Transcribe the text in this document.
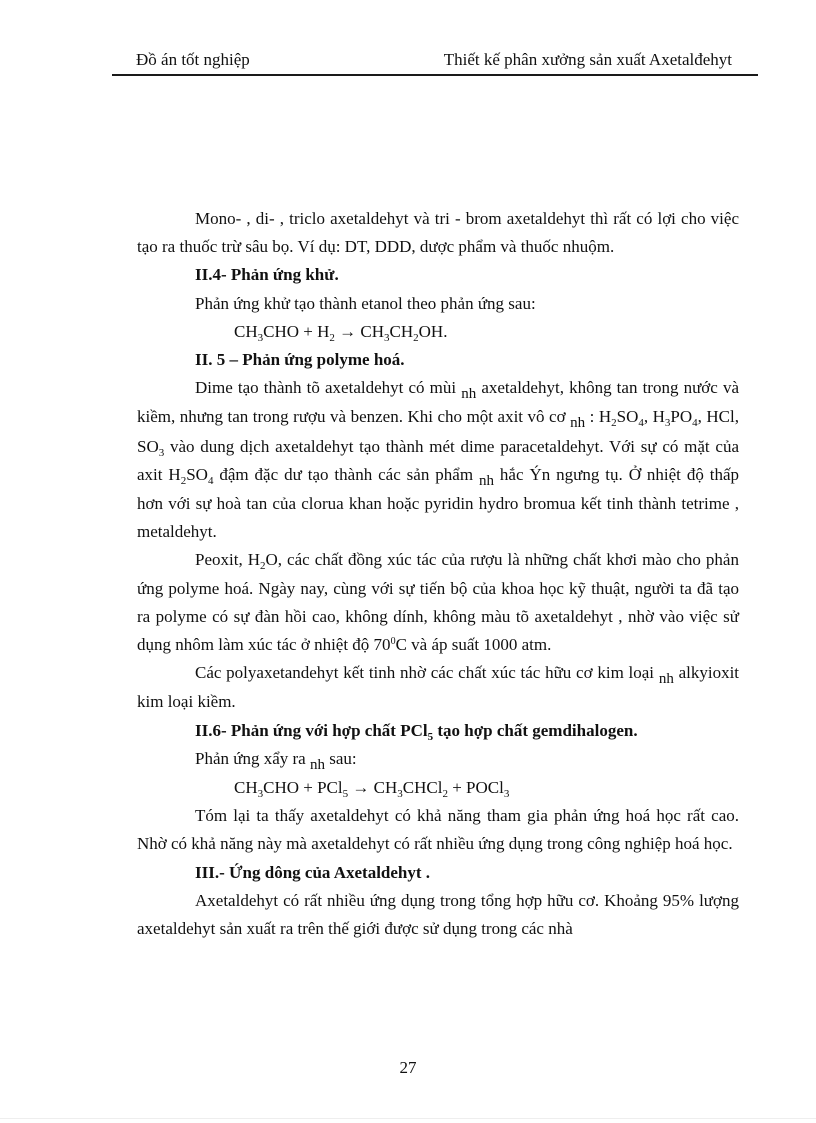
Đồ án tốt nghiệp	Thiết kế phân xưởng sản xuất Axetalđehyt

Mono- , di- , triclo axetaldehyt và tri - brom axetaldehyt thì rất có lợi cho việc tạo ra thuốc trừ sâu bọ. Ví dụ: DT, DDD, dược phẩm và thuốc nhuộm.

II.4- Phản ứng khử.

Phản ứng khử tạo thành etanol theo phản ứng sau:

$CH_3CHO + H_2 \to CH_3CH_2OH$.

II. 5 – Phản ứng polyme hoá.

Dime tạo thành tõ axetaldehyt có mùi nh axetaldehyt, không tan trong nước và kiềm, nhưng tan trong rượu và benzen. Khi cho một axit vô cơ nh : $H_2SO_4$, $H_3PO_4$, HCl, $SO_3$ vào dung dịch axetaldehyt tạo thành mét dime paracetaldehyt. Với sự có mặt của axit $H_2SO_4$ đậm đặc dư tạo thành các sản phẩm nh hắc Ýn ngưng tụ. Ở nhiệt độ thấp hơn với sự hoà tan của clorua khan hoặc pyridin hydro bromua kết tinh thành tetrime , metaldehyt.

Peoxit, $H_2O$, các chất đồng xúc tác của rượu là những chất khơi mào cho phản ứng polyme hoá. Ngày nay, cùng với sự tiến bộ của khoa học kỹ thuật, người ta đã tạo ra polyme có sự đàn hồi cao, không dính, không màu tõ axetaldehyt , nhờ vào việc sử dụng nhôm làm xúc tác ở nhiệt độ $70^0C$ và áp suất 1000 atm.

Các polyaxetandehyt kết tinh nhờ các chất xúc tác hữu cơ kim loại nh alkyioxit kim loại kiềm.

II.6- Phản ứng với hợp chất PCl$_5$ tạo hợp chất gemdihalogen.

Phản ứng xẩy ra nh sau:

$CH_3CHO + PCl_5$ → $CH_3CHCl_2$ + POCl$_3$

Tóm lại ta thấy axetaldehyt có khả năng tham gia phản ứng hoá học rất cao. Nhờ có khả năng này mà axetaldehyt có rất nhiều ứng dụng trong công nghiệp hoá học.

III.- Ứng dông của Axetaldehyt .

Axetaldehyt có rất nhiều ứng dụng trong tổng hợp hữu cơ. Khoảng 95% lượng axetaldehyt sản xuất ra trên thế giới được sử dụng trong các nhà

27
